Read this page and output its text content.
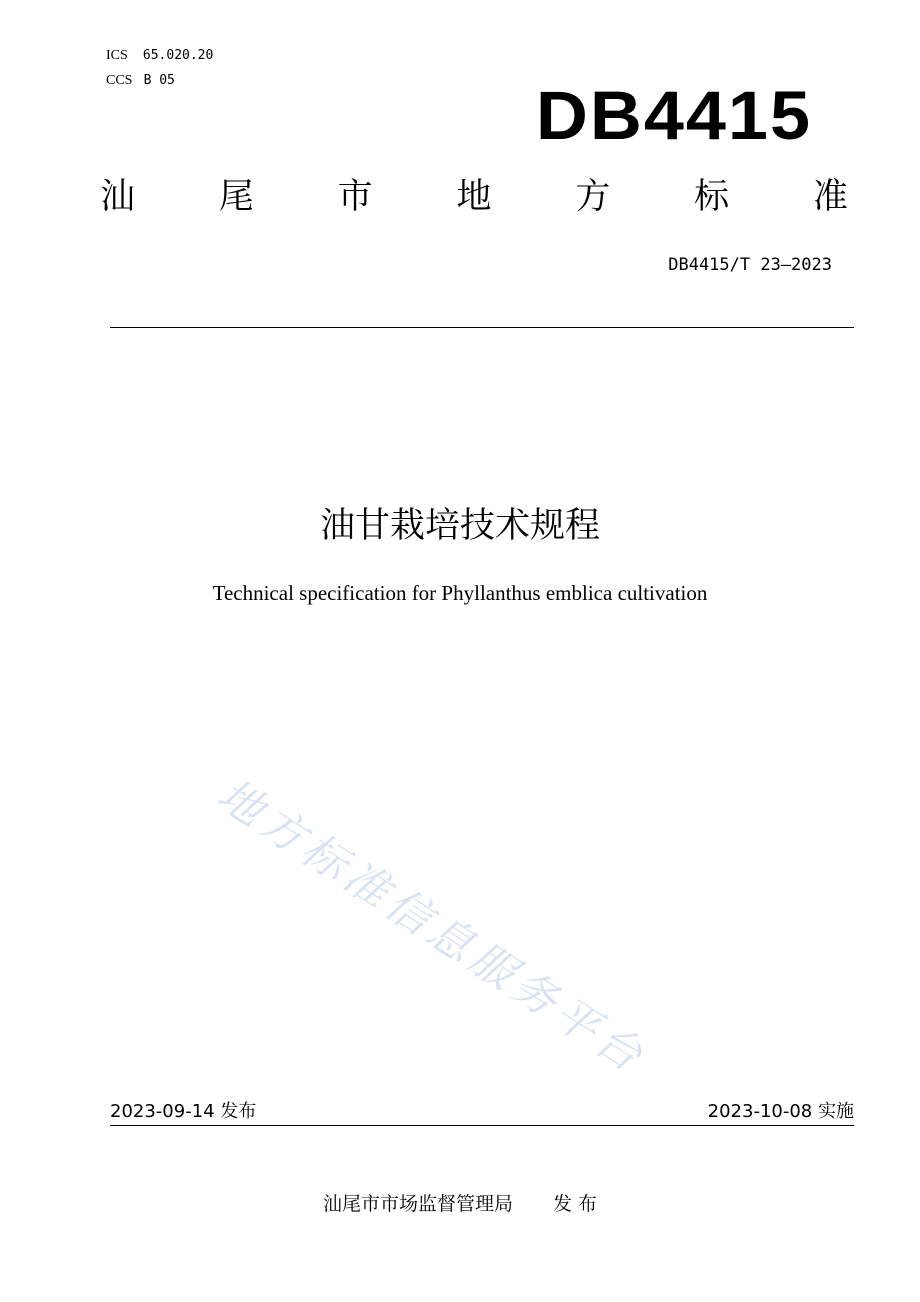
ICS 65.020.20
CCS B 05	DB4415
汕 尾 市 地 方 标 准
DB4415/T 23—2023
油甘栽培技术规程
Technical specification for Phyllanthus emblica cultivation
地方标准信息服务平台
2023-09-14 发布	2023-10-08 实施
汕尾市市场监督管理局 发 布
